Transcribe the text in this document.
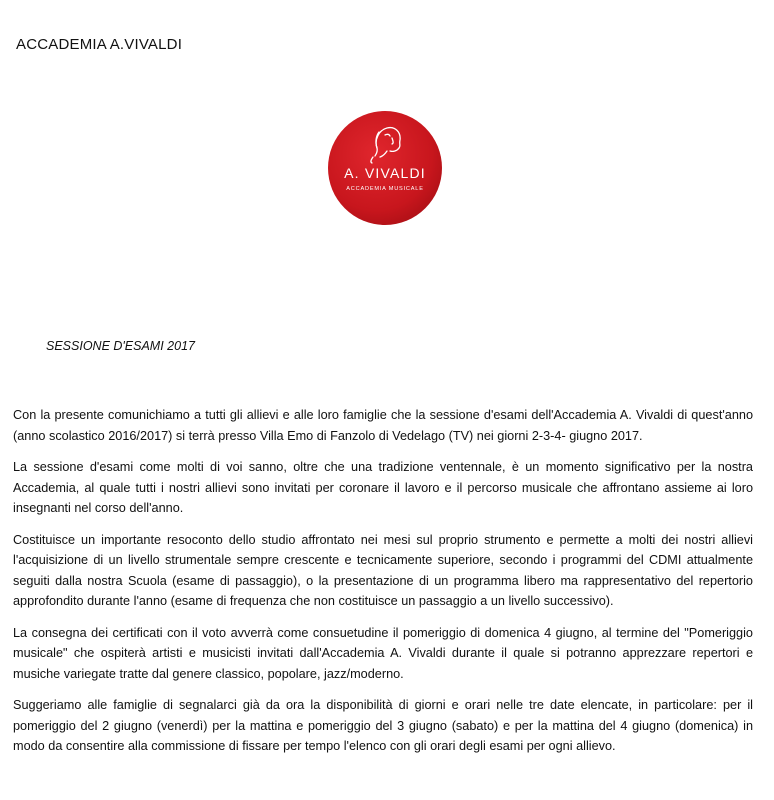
ACCADEMIA A.VIVALDI
A. VIVALDI
ACCADEMIA MUSICALE
SESSIONE D'ESAMI 2017

Con la presente comunichiamo a tutti gli allievi e alle loro famiglie che la sessione d'esami dell'Accademia A. Vivaldi di quest'anno (anno scolastico 2016/2017) si terrà presso Villa Emo di Fanzolo di Vedelago (TV) nei giorni 2-3-4- giugno 2017.

La sessione d'esami come molti di voi sanno, oltre che una tradizione ventennale, è un momento significativo per la nostra Accademia, al quale tutti i nostri allievi sono invitati per coronare il lavoro e il percorso musicale che affrontano assieme ai loro insegnanti nel corso dell'anno.

Costituisce un importante resoconto dello studio affrontato nei mesi sul proprio strumento e permette a molti dei nostri allievi l'acquisizione di un livello strumentale sempre crescente e tecnicamente superiore, secondo i programmi del CDMI attualmente seguiti dalla nostra Scuola (esame di passaggio), o la presentazione di un programma libero ma rappresentativo del repertorio approfondito durante l'anno (esame di frequenza che non costituisce un passaggio a un livello successivo).

La consegna dei certificati con il voto avverrà come consuetudine il pomeriggio di domenica 4 giugno, al termine del "Pomeriggio musicale" che ospiterà artisti e musicisti invitati dall'Accademia A. Vivaldi durante il quale si potranno apprezzare repertori e musiche variegate tratte dal genere classico, popolare, jazz/moderno.

Suggeriamo alle famiglie di segnalarci già da ora la disponibilità di giorni e orari nelle tre date elencate, in particolare: per il pomeriggio del 2 giugno (venerdì) per la mattina e pomeriggio del 3 giugno (sabato) e per la mattina del 4 giugno (domenica) in modo da consentire alla commissione di fissare per tempo l'elenco con gli orari degli esami per ogni allievo.
